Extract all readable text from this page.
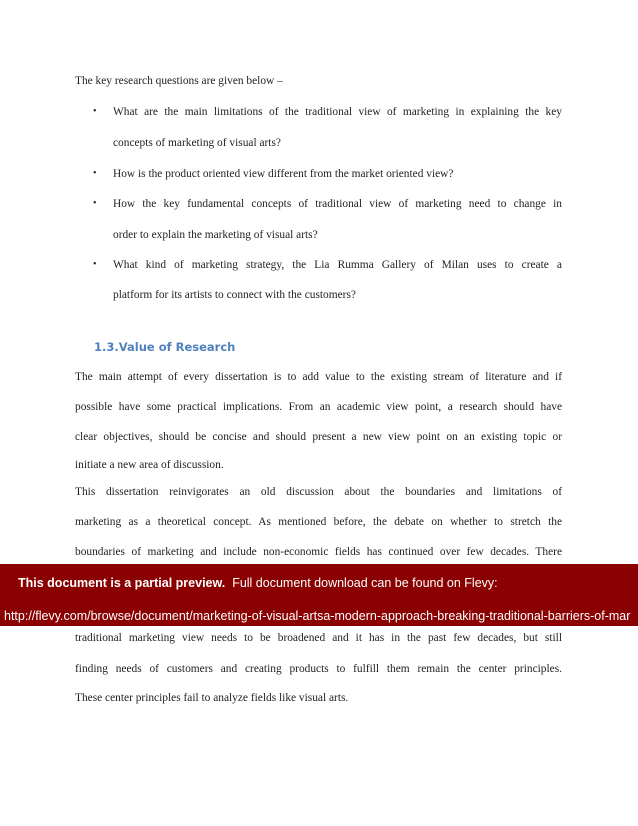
The key research questions are given below –
• What are the main limitations of the traditional view of marketing in explaining the key
concepts of marketing of visual arts?
• How is the product oriented view different from the market oriented view?
• How the key fundamental concepts of traditional view of marketing need to change in
order to explain the marketing of visual arts?
• What kind of marketing strategy, the Lia Rumma Gallery of Milan uses to create a
platform for its artists to connect with the customers?
1.3.Value of Research
The main attempt of every dissertation is to add value to the existing stream of literature and if
possible have some practical implications. From an academic view point, a research should have
clear objectives, should be concise and should present a new view point on an existing topic or
initiate a new area of discussion.
This dissertation reinvigorates an old discussion about the boundaries and limitations of
marketing as a theoretical concept. As mentioned before, the debate on whether to stretch the
boundaries of marketing and include non-economic fields has continued over few decades. There
This document is a partial preview. Full document download can be found on Flevy:
http://flevy.com/browse/document/marketing-of-visual-artsa-modern-approach-breaking-traditional-barriers-of-mar
traditional marketing view needs to be broadened and it has in the past few decades, but still
finding needs of customers and creating products to fulfill them remain the center principles.
These center principles fail to analyze fields like visual arts.
